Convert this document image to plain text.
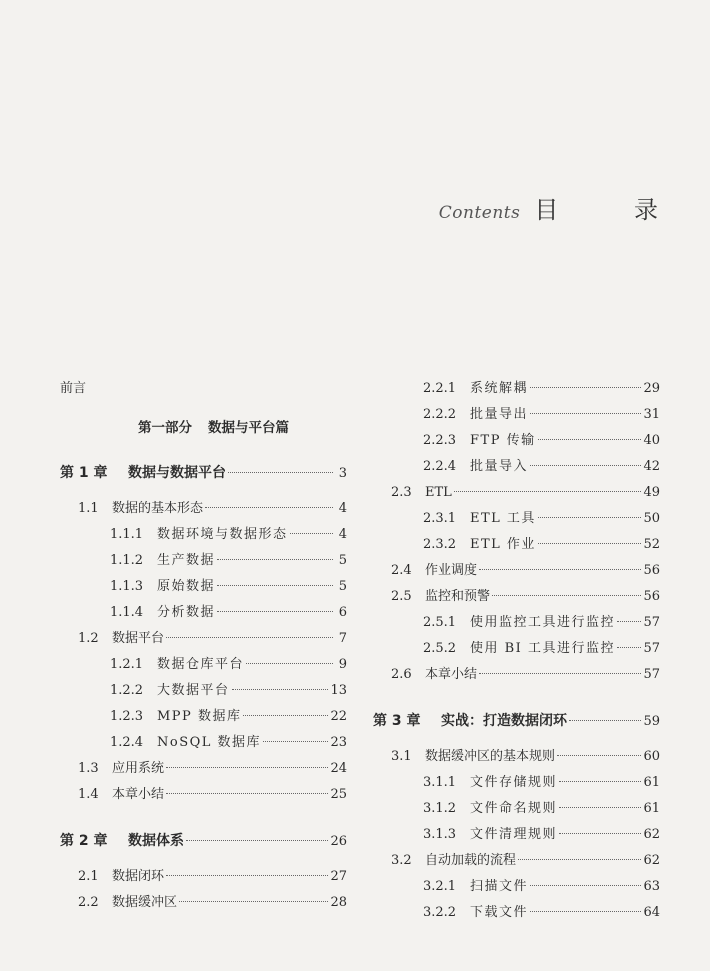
Contents 目 录
前言
第一部分 数据与平台篇
第 1 章	数据与数据平台	3
1.1	数据的基本形态	4
1.1.1	数据环境与数据形态	4
1.1.2	生产数据	5
1.1.3	原始数据	5
1.1.4	分析数据	6
1.2	数据平台	7
1.2.1	数据仓库平台	9
1.2.2	大数据平台	13
1.2.3	MPP 数据库	22
1.2.4	NoSQL 数据库	23
1.3	应用系统	24
1.4	本章小结	25
第 2 章	数据体系	26
2.1	数据闭环	27
2.2	数据缓冲区	28
2.2.1	系统解耦	29
2.2.2	批量导出	31
2.2.3	FTP 传输	40
2.2.4	批量导入	42
2.3	ETL	49
2.3.1	ETL 工具	50
2.3.2	ETL 作业	52
2.4	作业调度	56
2.5	监控和预警	56
2.5.1	使用监控工具进行监控 57
2.5.2	使用 BI 工具进行监控 57
2.6	本章小结	57
第 3 章	实战：打造数据闭环	59
3.1	数据缓冲区的基本规则	60
3.1.1	文件存储规则	61
3.1.2	文件命名规则	61
3.1.3	文件清理规则	62
3.2	自动加载的流程	62
3.2.1	扫描文件	63
3.2.2	下载文件	64
